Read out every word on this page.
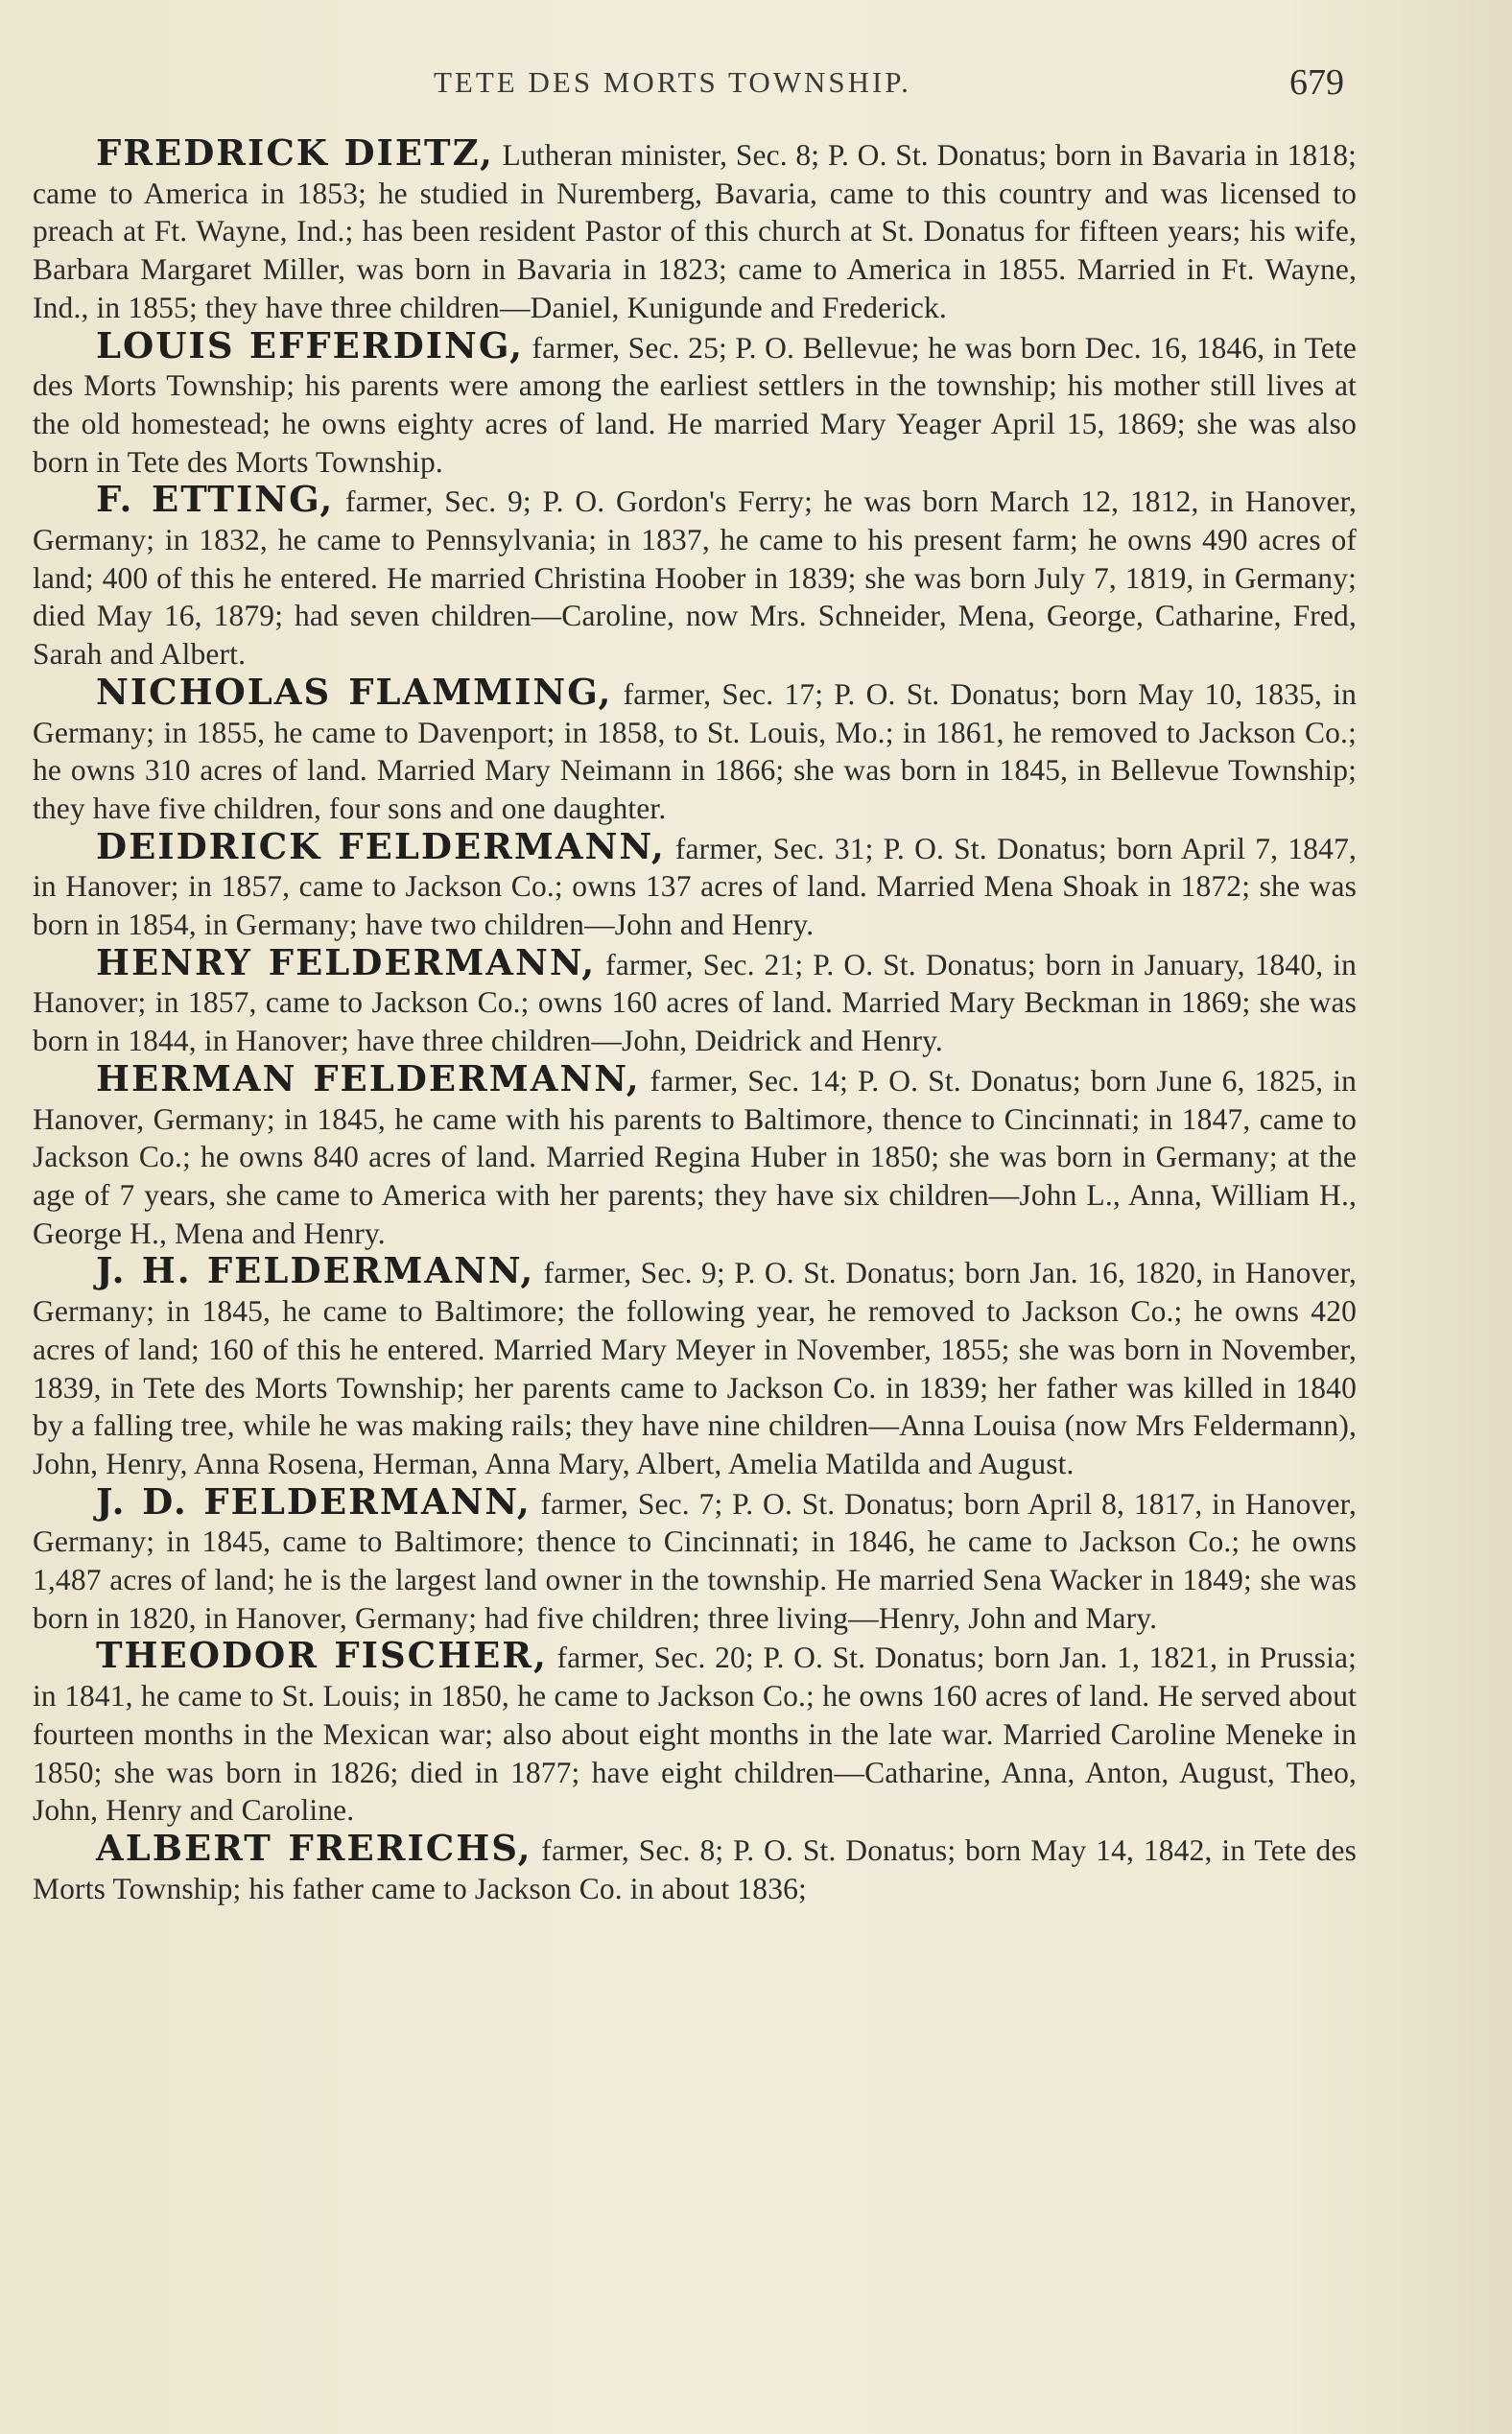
TETE DES MORTS TOWNSHIP.	679

FREDRICK DIETZ, Lutheran minister, Sec. 8; P. O. St. Donatus; born in Bavaria in 1818; came to America in 1853; he studied in Nuremberg, Bavaria, came to this country and was licensed to preach at Ft. Wayne, Ind.; has been resident Pastor of this church at St. Donatus for fifteen years; his wife, Barbara Margaret Miller, was born in Bavaria in 1823; came to America in 1855. Married in Ft. Wayne, Ind., in 1855; they have three children—Daniel, Kunigunde and Frederick.

LOUIS EFFERDING, farmer, Sec. 25; P. O. Bellevue; he was born Dec. 16, 1846, in Tete des Morts Township; his parents were among the earliest settlers in the township; his mother still lives at the old homestead; he owns eighty acres of land. He married Mary Yeager April 15, 1869; she was also born in Tete des Morts Township.

F. ETTING, farmer, Sec. 9; P. O. Gordon's Ferry; he was born March 12, 1812, in Hanover, Germany; in 1832, he came to Pennsylvania; in 1837, he came to his present farm; he owns 490 acres of land; 400 of this he entered. He married Christina Hoober in 1839; she was born July 7, 1819, in Germany; died May 16, 1879; had seven children—Caroline, now Mrs. Schneider, Mena, George, Catharine, Fred, Sarah and Albert.

NICHOLAS FLAMMING, farmer, Sec. 17; P. O. St. Donatus; born May 10, 1835, in Germany; in 1855, he came to Davenport; in 1858, to St. Louis, Mo.; in 1861, he removed to Jackson Co.; he owns 310 acres of land. Married Mary Neimann in 1866; she was born in 1845, in Bellevue Township; they have five children, four sons and one daughter.

DEIDRICK FELDERMANN, farmer, Sec. 31; P. O. St. Donatus; born April 7, 1847, in Hanover; in 1857, came to Jackson Co.; owns 137 acres of land. Married Mena Shoak in 1872; she was born in 1854, in Germany; have two children—John and Henry.

HENRY FELDERMANN, farmer, Sec. 21; P. O. St. Donatus; born in January, 1840, in Hanover; in 1857, came to Jackson Co.; owns 160 acres of land. Married Mary Beckman in 1869; she was born in 1844, in Hanover; have three children—John, Deidrick and Henry.

HERMAN FELDERMANN, farmer, Sec. 14; P. O. St. Donatus; born June 6, 1825, in Hanover, Germany; in 1845, he came with his parents to Baltimore, thence to Cincinnati; in 1847, came to Jackson Co.; he owns 840 acres of land. Married Regina Huber in 1850; she was born in Germany; at the age of 7 years, she came to America with her parents; they have six children—John L., Anna, William H., George H., Mena and Henry.

J. H. FELDERMANN, farmer, Sec. 9; P. O. St. Donatus; born Jan. 16, 1820, in Hanover, Germany; in 1845, he came to Baltimore; the following year, he removed to Jackson Co.; he owns 420 acres of land; 160 of this he entered. Married Mary Meyer in November, 1855; she was born in November, 1839, in Tete des Morts Township; her parents came to Jackson Co. in 1839; her father was killed in 1840 by a falling tree, while he was making rails; they have nine children—Anna Louisa (now Mrs Feldermann), John, Henry, Anna Rosena, Herman, Anna Mary, Albert, Amelia Matilda and August.

J. D. FELDERMANN, farmer, Sec. 7; P. O. St. Donatus; born April 8, 1817, in Hanover, Germany; in 1845, came to Baltimore; thence to Cincinnati; in 1846, he came to Jackson Co.; he owns 1,487 acres of land; he is the largest land owner in the township. He married Sena Wacker in 1849; she was born in 1820, in Hanover, Germany; had five children; three living—Henry, John and Mary.

THEODOR FISCHER, farmer, Sec. 20; P. O. St. Donatus; born Jan. 1, 1821, in Prussia; in 1841, he came to St. Louis; in 1850, he came to Jackson Co.; he owns 160 acres of land. He served about fourteen months in the Mexican war; also about eight months in the late war. Married Caroline Meneke in 1850; she was born in 1826; died in 1877; have eight children—Catharine, Anna, Anton, August, Theo, John, Henry and Caroline.

ALBERT FRERICHS, farmer, Sec. 8; P. O. St. Donatus; born May 14, 1842, in Tete des Morts Township; his father came to Jackson Co. in about 1836;
